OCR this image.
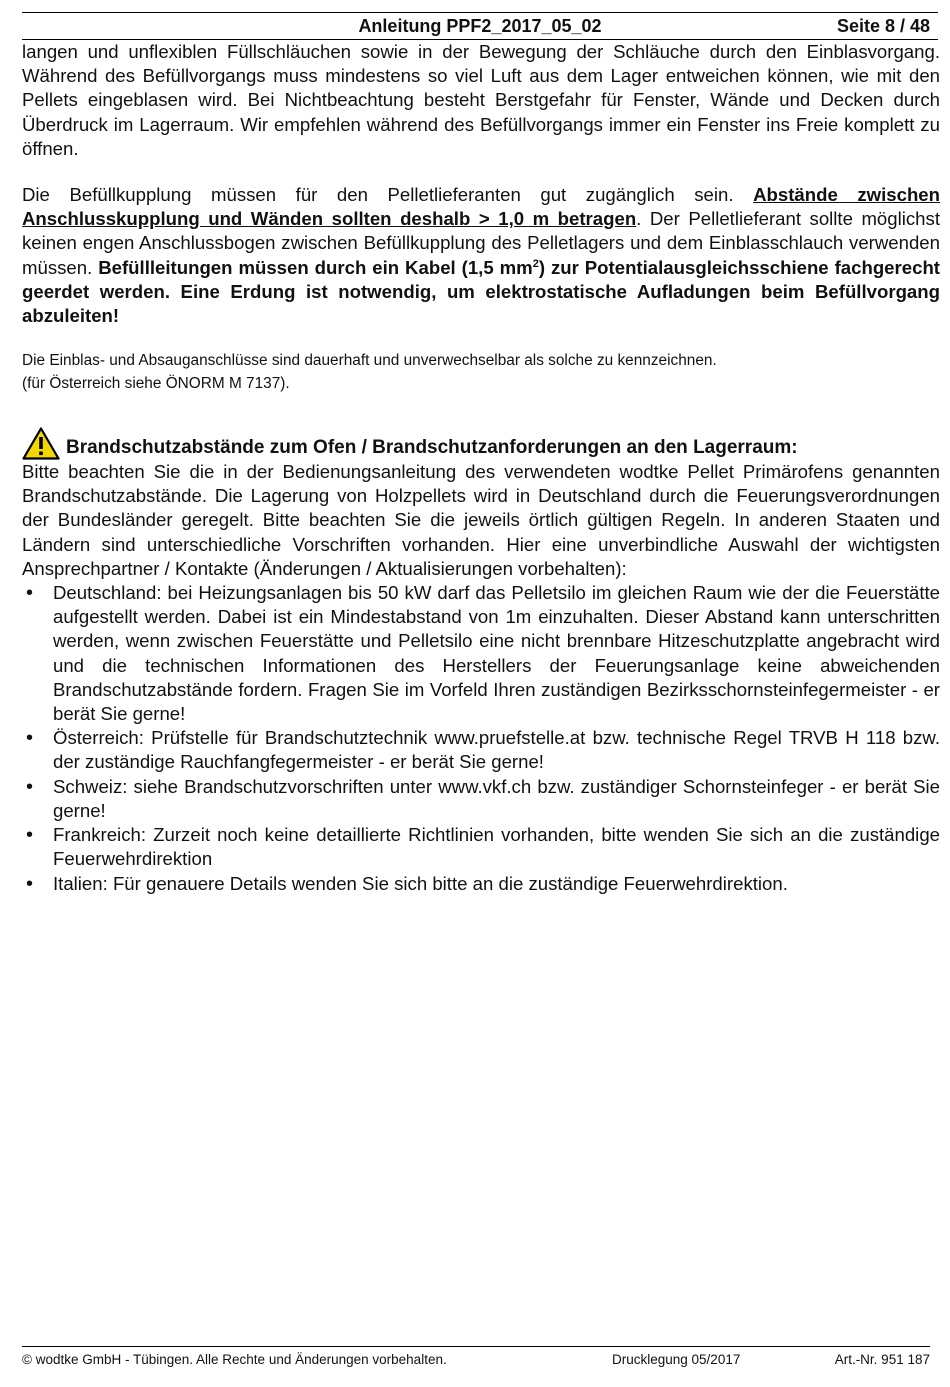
Anleitung PPF2_2017_05_02	Seite 8 / 48

langen und unflexiblen Füllschläuchen sowie in der Bewegung der Schläuche durch den Einblasvorgang. Während des Befüllvorgangs muss mindestens so viel Luft aus dem Lager entweichen können, wie mit den Pellets eingeblasen wird. Bei Nichtbeachtung besteht Berstgefahr für Fenster, Wände und Decken durch Überdruck im Lagerraum. Wir empfehlen während des Befüllvorgangs immer ein Fenster ins Freie komplett zu öffnen.

Die Befüllkupplung müssen für den Pelletlieferanten gut zugänglich sein. Abstände zwischen Anschlusskupplung und Wänden sollten deshalb > 1,0 m betragen. Der Pelletlieferant sollte möglichst keinen engen Anschlussbogen zwischen Befüllkupplung des Pelletlagers und dem Einblasschlauch verwenden müssen. Befüllleitungen müssen durch ein Kabel (1,5 $mm^2$) zur Potentialausgleichsschiene fachgerecht geerdet werden. Eine Erdung ist notwendig, um elektrostatische Aufladungen beim Befüllvorgang abzuleiten!

Die Einblas- und Absauganschlüsse sind dauerhaft und unverwechselbar als solche zu kennzeichnen.
(für Österreich siehe ÖNORM M 7137).

Brandschutzabstände zum Ofen / Brandschutzanforderungen an den Lagerraum:

Bitte beachten Sie die in der Bedienungsanleitung des verwendeten wodtke Pellet Primärofens genannten Brandschutzabstände. Die Lagerung von Holzpellets wird in Deutschland durch die Feuerungsverordnungen der Bundesländer geregelt. Bitte beachten Sie die jeweils örtlich gültigen Regeln. In anderen Staaten und Ländern sind unterschiedliche Vorschriften vorhanden. Hier eine unverbindliche Auswahl der wichtigsten Ansprechpartner / Kontakte (Änderungen / Aktualisierungen vorbehalten):

• Deutschland: bei Heizungsanlagen bis 50 kW darf das Pelletsilo im gleichen Raum wie der die Feuerstätte aufgestellt werden. Dabei ist ein Mindestabstand von 1m einzuhalten. Dieser Abstand kann unterschritten werden, wenn zwischen Feuerstätte und Pelletsilo eine nicht brennbare Hitzeschutzplatte angebracht wird und die technischen Informationen des Herstellers der Feuerungsanlage keine abweichenden Brandschutzabstände fordern. Fragen Sie im Vorfeld Ihren zuständigen Bezirksschornsteinfegermeister - er berät Sie gerne!
• Österreich: Prüfstelle für Brandschutztechnik www.pruefstelle.at bzw. technische Regel TRVB H 118 bzw. der zuständige Rauchfangfegermeister - er berät Sie gerne!
• Schweiz: siehe Brandschutzvorschriften unter www.vkf.ch bzw. zuständiger Schornsteinfeger - er berät Sie gerne!
• Frankreich: Zurzeit noch keine detaillierte Richtlinien vorhanden, bitte wenden Sie sich an die zuständige Feuerwehrdirektion
• Italien: Für genauere Details wenden Sie sich bitte an die zuständige Feuerwehrdirektion.
© wodtke GmbH - Tübingen. Alle Rechte und Änderungen vorbehalten.	Drucklegung 05/2017	Art.-Nr. 951 187
